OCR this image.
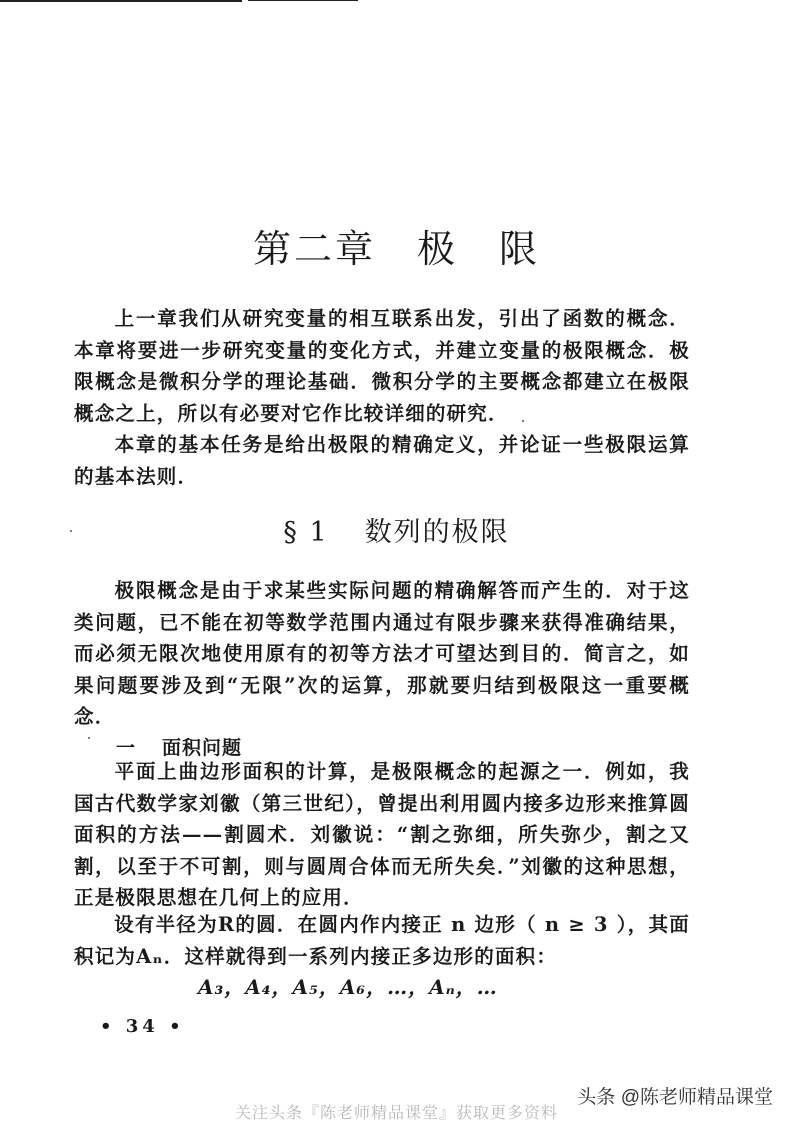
第二章　极　限
上一章我们从研究变量的相互联系出发，引出了函数的概念．本章将要进一步研究变量的变化方式，并建立变量的极限概念．极限概念是微积分学的理论基础．微积分学的主要概念都建立在极限概念之上，所以有必要对它作比较详细的研究．
本章的基本任务是给出极限的精确定义，并论证一些极限运算的基本法则．
§ 1 数列的极限
极限概念是由于求某些实际问题的精确解答而产生的．对于这类问题，已不能在初等数学范围内通过有限步骤来获得准确结果，而必须无限次地使用原有的初等方法才可望达到目的．简言之，如果问题要涉及到“无限”次的运算，那就要归结到极限这一重要概念．
一 面积问题
平面上曲边形面积的计算，是极限概念的起源之一．例如，我国古代数学家刘徽（第三世纪），曾提出利用圆内接多边形来推算圆面积的方法——割圆术．刘徽说：“割之弥细，所失弥少，割之又割，以至于不可割，则与圆周合体而无所失矣．”刘徽的这种思想，正是极限思想在几何上的应用．
设有半径为R的圆．在圆内作内接正 n 边形（ n ≥ 3 ），其面积记为Aₙ．这样就得到一系列内接正多边形的面积：
A₃，A₄，A₅，A₆，…，Aₙ，…
• 34 •
头条 @陈老师精品课堂
关注头条『陈老师精品课堂』获取更多资料
